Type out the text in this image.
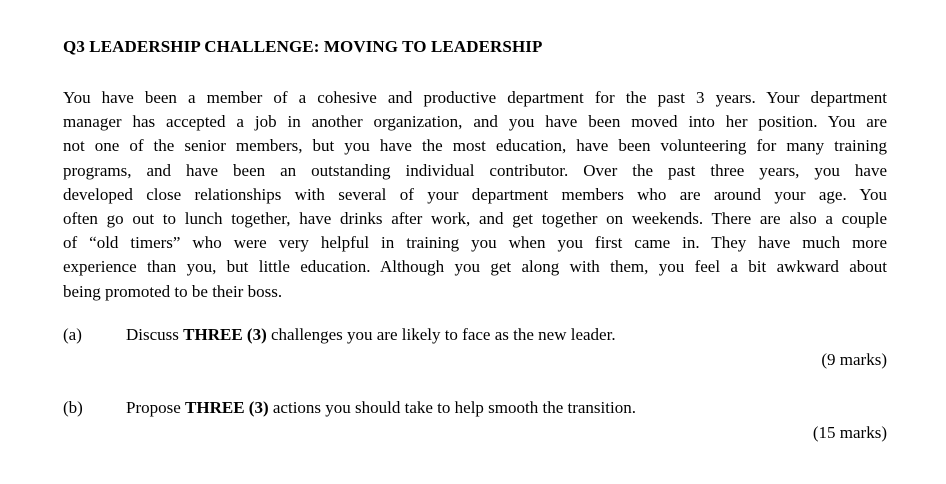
Q3 LEADERSHIP CHALLENGE: MOVING TO LEADERSHIP
You have been a member of a cohesive and productive department for the past 3 years. Your department
manager has accepted a job in another organization, and you have been moved into her position. You are
not one of the senior members, but you have the most education, have been volunteering for many training
programs, and have been an outstanding individual contributor. Over the past three years, you have
developed close relationships with several of your department members who are around your age. You
often go out to lunch together, have drinks after work, and get together on weekends. There are also a couple
of “old timers” who were very helpful in training you when you first came in. They have much more
experience than you, but little education. Although you get along with them, you feel a bit awkward about
being promoted to be their boss.
(a)	Discuss THREE (3) challenges you are likely to face as the new leader.
(9 marks)
(b)	Propose THREE (3) actions you should take to help smooth the transition.
(15 marks)
